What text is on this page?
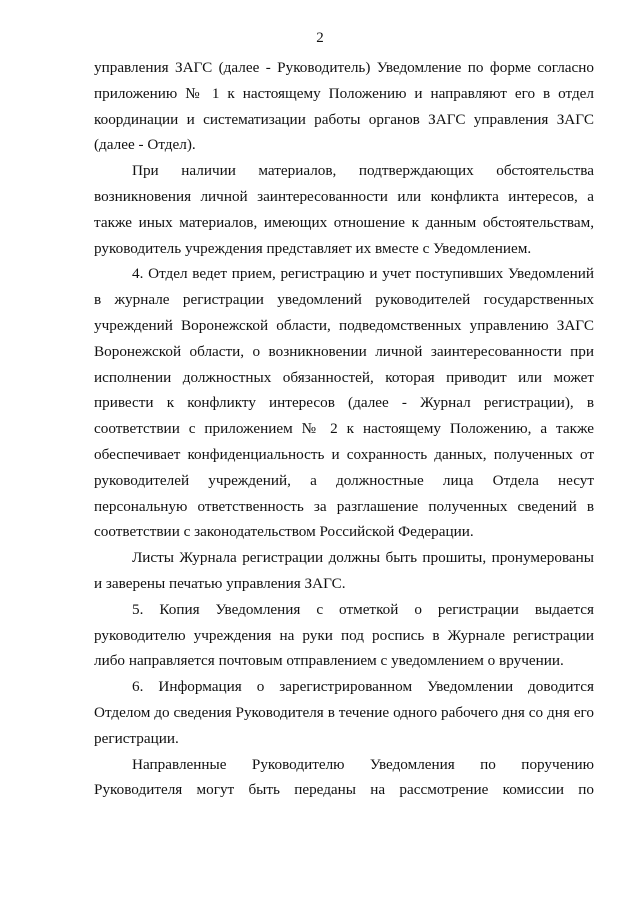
2

управления ЗАГС (далее - Руководитель) Уведомление по форме согласно приложению № 1 к настоящему Положению и направляют его в отдел координации и систематизации работы органов ЗАГС управления ЗАГС (далее - Отдел).

При наличии материалов, подтверждающих обстоятельства возникновения личной заинтересованности или конфликта интересов, а также иных материалов, имеющих отношение к данным обстоятельствам, руководитель учреждения представляет их вместе с Уведомлением.

4. Отдел ведет прием, регистрацию и учет поступивших Уведомлений в журнале регистрации уведомлений руководителей государственных учреждений Воронежской области, подведомственных управлению ЗАГС Воронежской области, о возникновении личной заинтересованности при исполнении должностных обязанностей, которая приводит или может привести к конфликту интересов (далее - Журнал регистрации), в соответствии с приложением № 2 к настоящему Положению, а также обеспечивает конфиденциальность и сохранность данных, полученных от руководителей учреждений, а должностные лица Отдела несут персональную ответственность за разглашение полученных сведений в соответствии с законодательством Российской Федерации.

Листы Журнала регистрации должны быть прошиты, пронумерованы и заверены печатью управления ЗАГС.

5. Копия Уведомления с отметкой о регистрации выдается руководителю учреждения на руки под роспись в Журнале регистрации либо направляется почтовым отправлением с уведомлением о вручении.

6. Информация о зарегистрированном Уведомлении доводится Отделом до сведения Руководителя в течение одного рабочего дня со дня его регистрации.

Направленные Руководителю Уведомления по поручению Руководителя могут быть переданы на рассмотрение комиссии по
